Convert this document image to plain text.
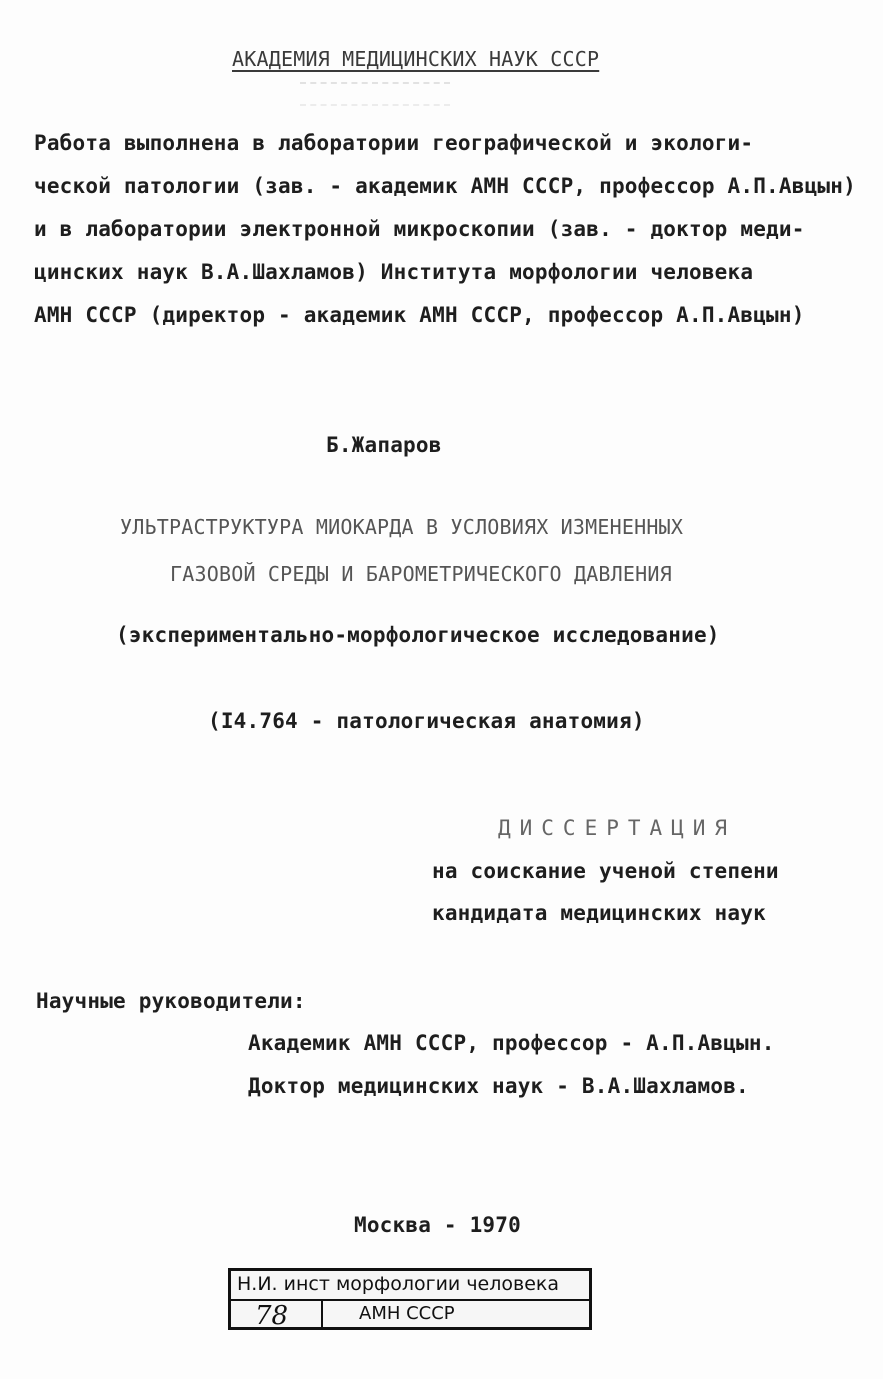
АКАДЕМИЯ МЕДИЦИНСКИХ НАУК СССР
Работа выполнена в лаборатории географической и экологи-
ческой патологии (зав. - академик АМН СССР, профессор А.П.Авцын)
и в лаборатории электронной микроскопии (зав. - доктор меди-
цинских наук В.А.Шахламов) Института морфологии человека
АМН СССР (директор - академик АМН СССР, профессор А.П.Авцын)
Б.Жапаров
УЛЬТРАСТРУКТУРА МИОКАРДА В УСЛОВИЯХ ИЗМЕНЕННЫХ
ГАЗОВОЙ СРЕДЫ И БАРОМЕТРИЧЕСКОГО ДАВЛЕНИЯ
(экспериментально-морфологическое исследование)
(I4.764 - патологическая анатомия)
ДИССЕРТАЦИЯ
на соискание ученой степени
кандидата медицинских наук
Научные руководители:
Академик АМН СССР, профессор - А.П.Авцын.
Доктор медицинских наук - В.А.Шахламов.
Москва - 1970
Н.И. инст морфологии человека
78	АМН СССР
